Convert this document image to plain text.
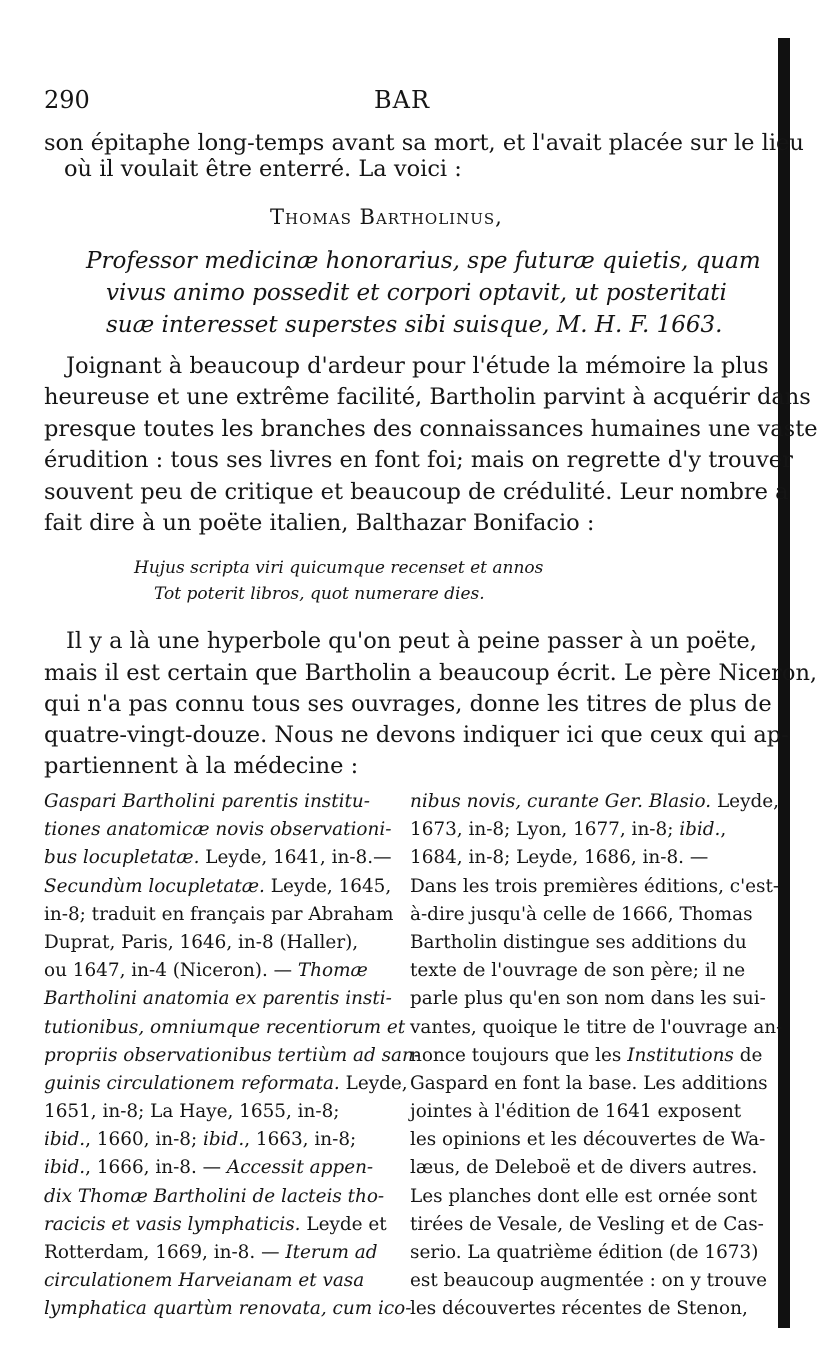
290	BAR
son épitaphe long-temps avant sa mort, et l'avait placée sur le lieu
où il voulait être enterré. La voici :
Thomas Bartholinus,
Professor medicinæ honorarius, spe futuræ quietis, quam
vivus animo possedit et corpori optavit, ut posteritati
suæ interesset superstes sibi suisque, M. H. F. 1663.
Joignant à beaucoup d'ardeur pour l'étude la mémoire la plus
heureuse et une extrême facilité, Bartholin parvint à acquérir dans
presque toutes les branches des connaissances humaines une vaste
érudition : tous ses livres en font foi; mais on regrette d'y trouver
souvent peu de critique et beaucoup de crédulité. Leur nombre a
fait dire à un poëte italien, Balthazar Bonifacio :
Hujus scripta viri quicumque recenset et annos
Tot poterit libros, quot numerare dies.
Il y a là une hyperbole qu'on peut à peine passer à un poëte,
mais il est certain que Bartholin a beaucoup écrit. Le père Niceron,
qui n'a pas connu tous ses ouvrages, donne les titres de plus de
quatre-vingt-douze. Nous ne devons indiquer ici que ceux qui ap-
partiennent à la médecine :
Gaspari Bartholini parentis institu-
tiones anatomicæ novis observationi-
bus locupletatæ. Leyde, 1641, in-8.—
Secundùm locupletatæ. Leyde, 1645,
in-8; traduit en français par Abraham
Duprat, Paris, 1646, in-8 (Haller),
ou 1647, in-4 (Niceron). — Thomæ
Bartholini anatomia ex parentis insti-
tutionibus, omniumque recentiorum et
propriis observationibus tertiùm ad san-
guinis circulationem reformata. Leyde,
1651, in-8; La Haye, 1655, in-8;
ibid., 1660, in-8; ibid., 1663, in-8;
ibid., 1666, in-8. — Accessit appen-
dix Thomæ Bartholini de lacteis tho-
racicis et vasis lymphaticis. Leyde et
Rotterdam, 1669, in-8. — Iterum ad
circulationem Harveianam et vasa
lymphatica quartùm renovata, cum ico-
nibus novis, curante Ger. Blasio. Leyde,
1673, in-8; Lyon, 1677, in-8; ibid.,
1684, in-8; Leyde, 1686, in-8. —
Dans les trois premières éditions, c'est-
à-dire jusqu'à celle de 1666, Thomas
Bartholin distingue ses additions du
texte de l'ouvrage de son père; il ne
parle plus qu'en son nom dans les sui-
vantes, quoique le titre de l'ouvrage an-
nonce toujours que les Institutions de
Gaspard en font la base. Les additions
jointes à l'édition de 1641 exposent
les opinions et les découvertes de Wa-
læus, de Deleboë et de divers autres.
Les planches dont elle est ornée sont
tirées de Vesale, de Vesling et de Cas-
serio. La quatrième édition (de 1673)
est beaucoup augmentée : on y trouve
les découvertes récentes de Stenon,
